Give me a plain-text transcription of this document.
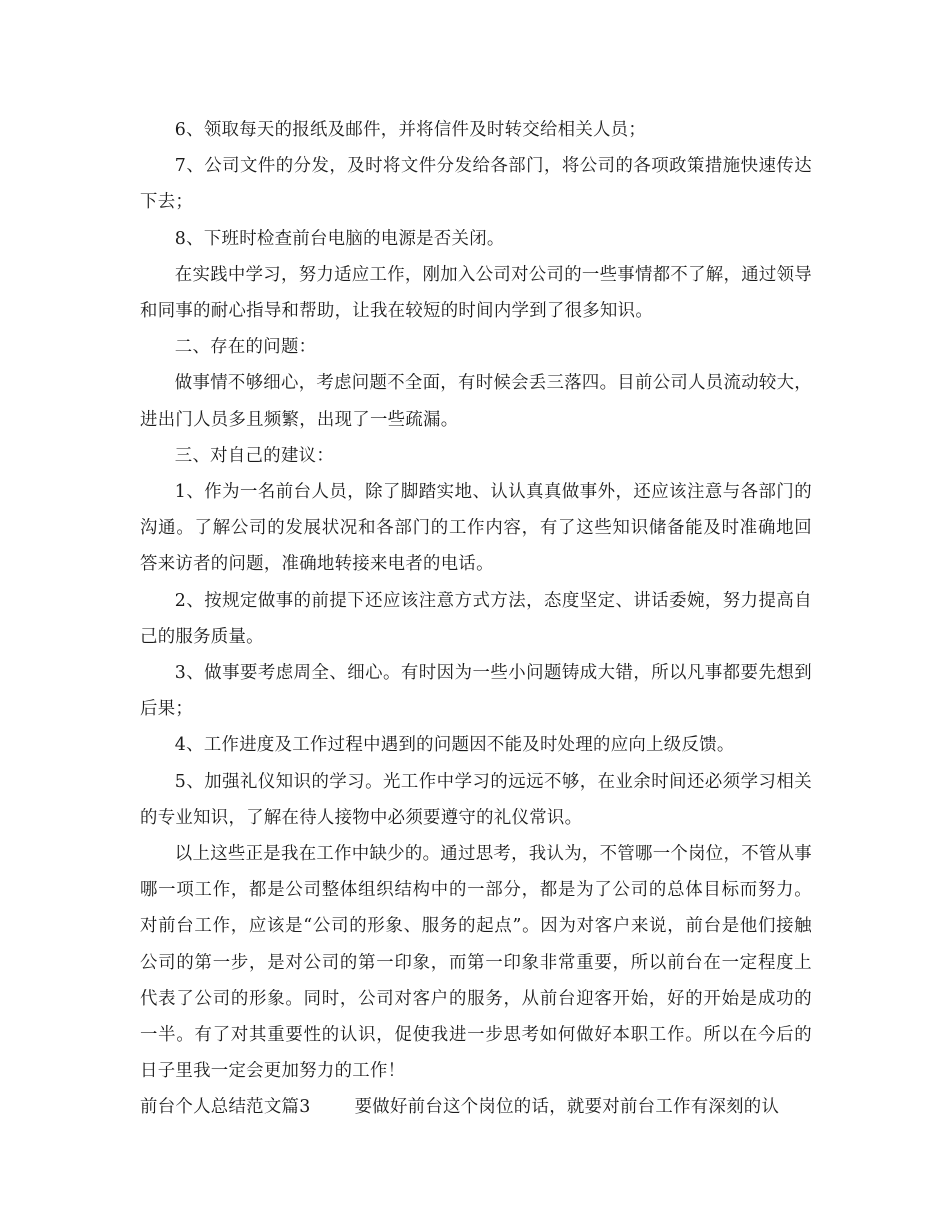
6、领取每天的报纸及邮件，并将信件及时转交给相关人员；

7、公司文件的分发，及时将文件分发给各部门，将公司的各项政策措施快速传达下去；

8、下班时检查前台电脑的电源是否关闭。

在实践中学习，努力适应工作，刚加入公司对公司的一些事情都不了解，通过领导和同事的耐心指导和帮助，让我在较短的时间内学到了很多知识。

二、存在的问题：

做事情不够细心，考虑问题不全面，有时候会丢三落四。目前公司人员流动较大，进出门人员多且频繁，出现了一些疏漏。

三、对自己的建议：

1、作为一名前台人员，除了脚踏实地、认认真真做事外，还应该注意与各部门的沟通。了解公司的发展状况和各部门的工作内容，有了这些知识储备能及时准确地回答来访者的问题，准确地转接来电者的电话。

2、按规定做事的前提下还应该注意方式方法，态度坚定、讲话委婉，努力提高自己的服务质量。

3、做事要考虑周全、细心。有时因为一些小问题铸成大错，所以凡事都要先想到后果；

4、工作进度及工作过程中遇到的问题因不能及时处理的应向上级反馈。

5、加强礼仪知识的学习。光工作中学习的远远不够，在业余时间还必须学习相关的专业知识，了解在待人接物中必须要遵守的礼仪常识。

以上这些正是我在工作中缺少的。通过思考，我认为，不管哪一个岗位，不管从事哪一项工作，都是公司整体组织结构中的一部分，都是为了公司的总体目标而努力。对前台工作，应该是“公司的形象、服务的起点”。因为对客户来说，前台是他们接触公司的第一步，是对公司的第一印象，而第一印象非常重要，所以前台在一定程度上代表了公司的形象。同时，公司对客户的服务，从前台迎客开始，好的开始是成功的一半。有了对其重要性的认识，促使我进一步思考如何做好本职工作。所以在今后的日子里我一定会更加努力的工作！

前台个人总结范文篇3	要做好前台这个岗位的话，就要对前台工作有深刻的认
